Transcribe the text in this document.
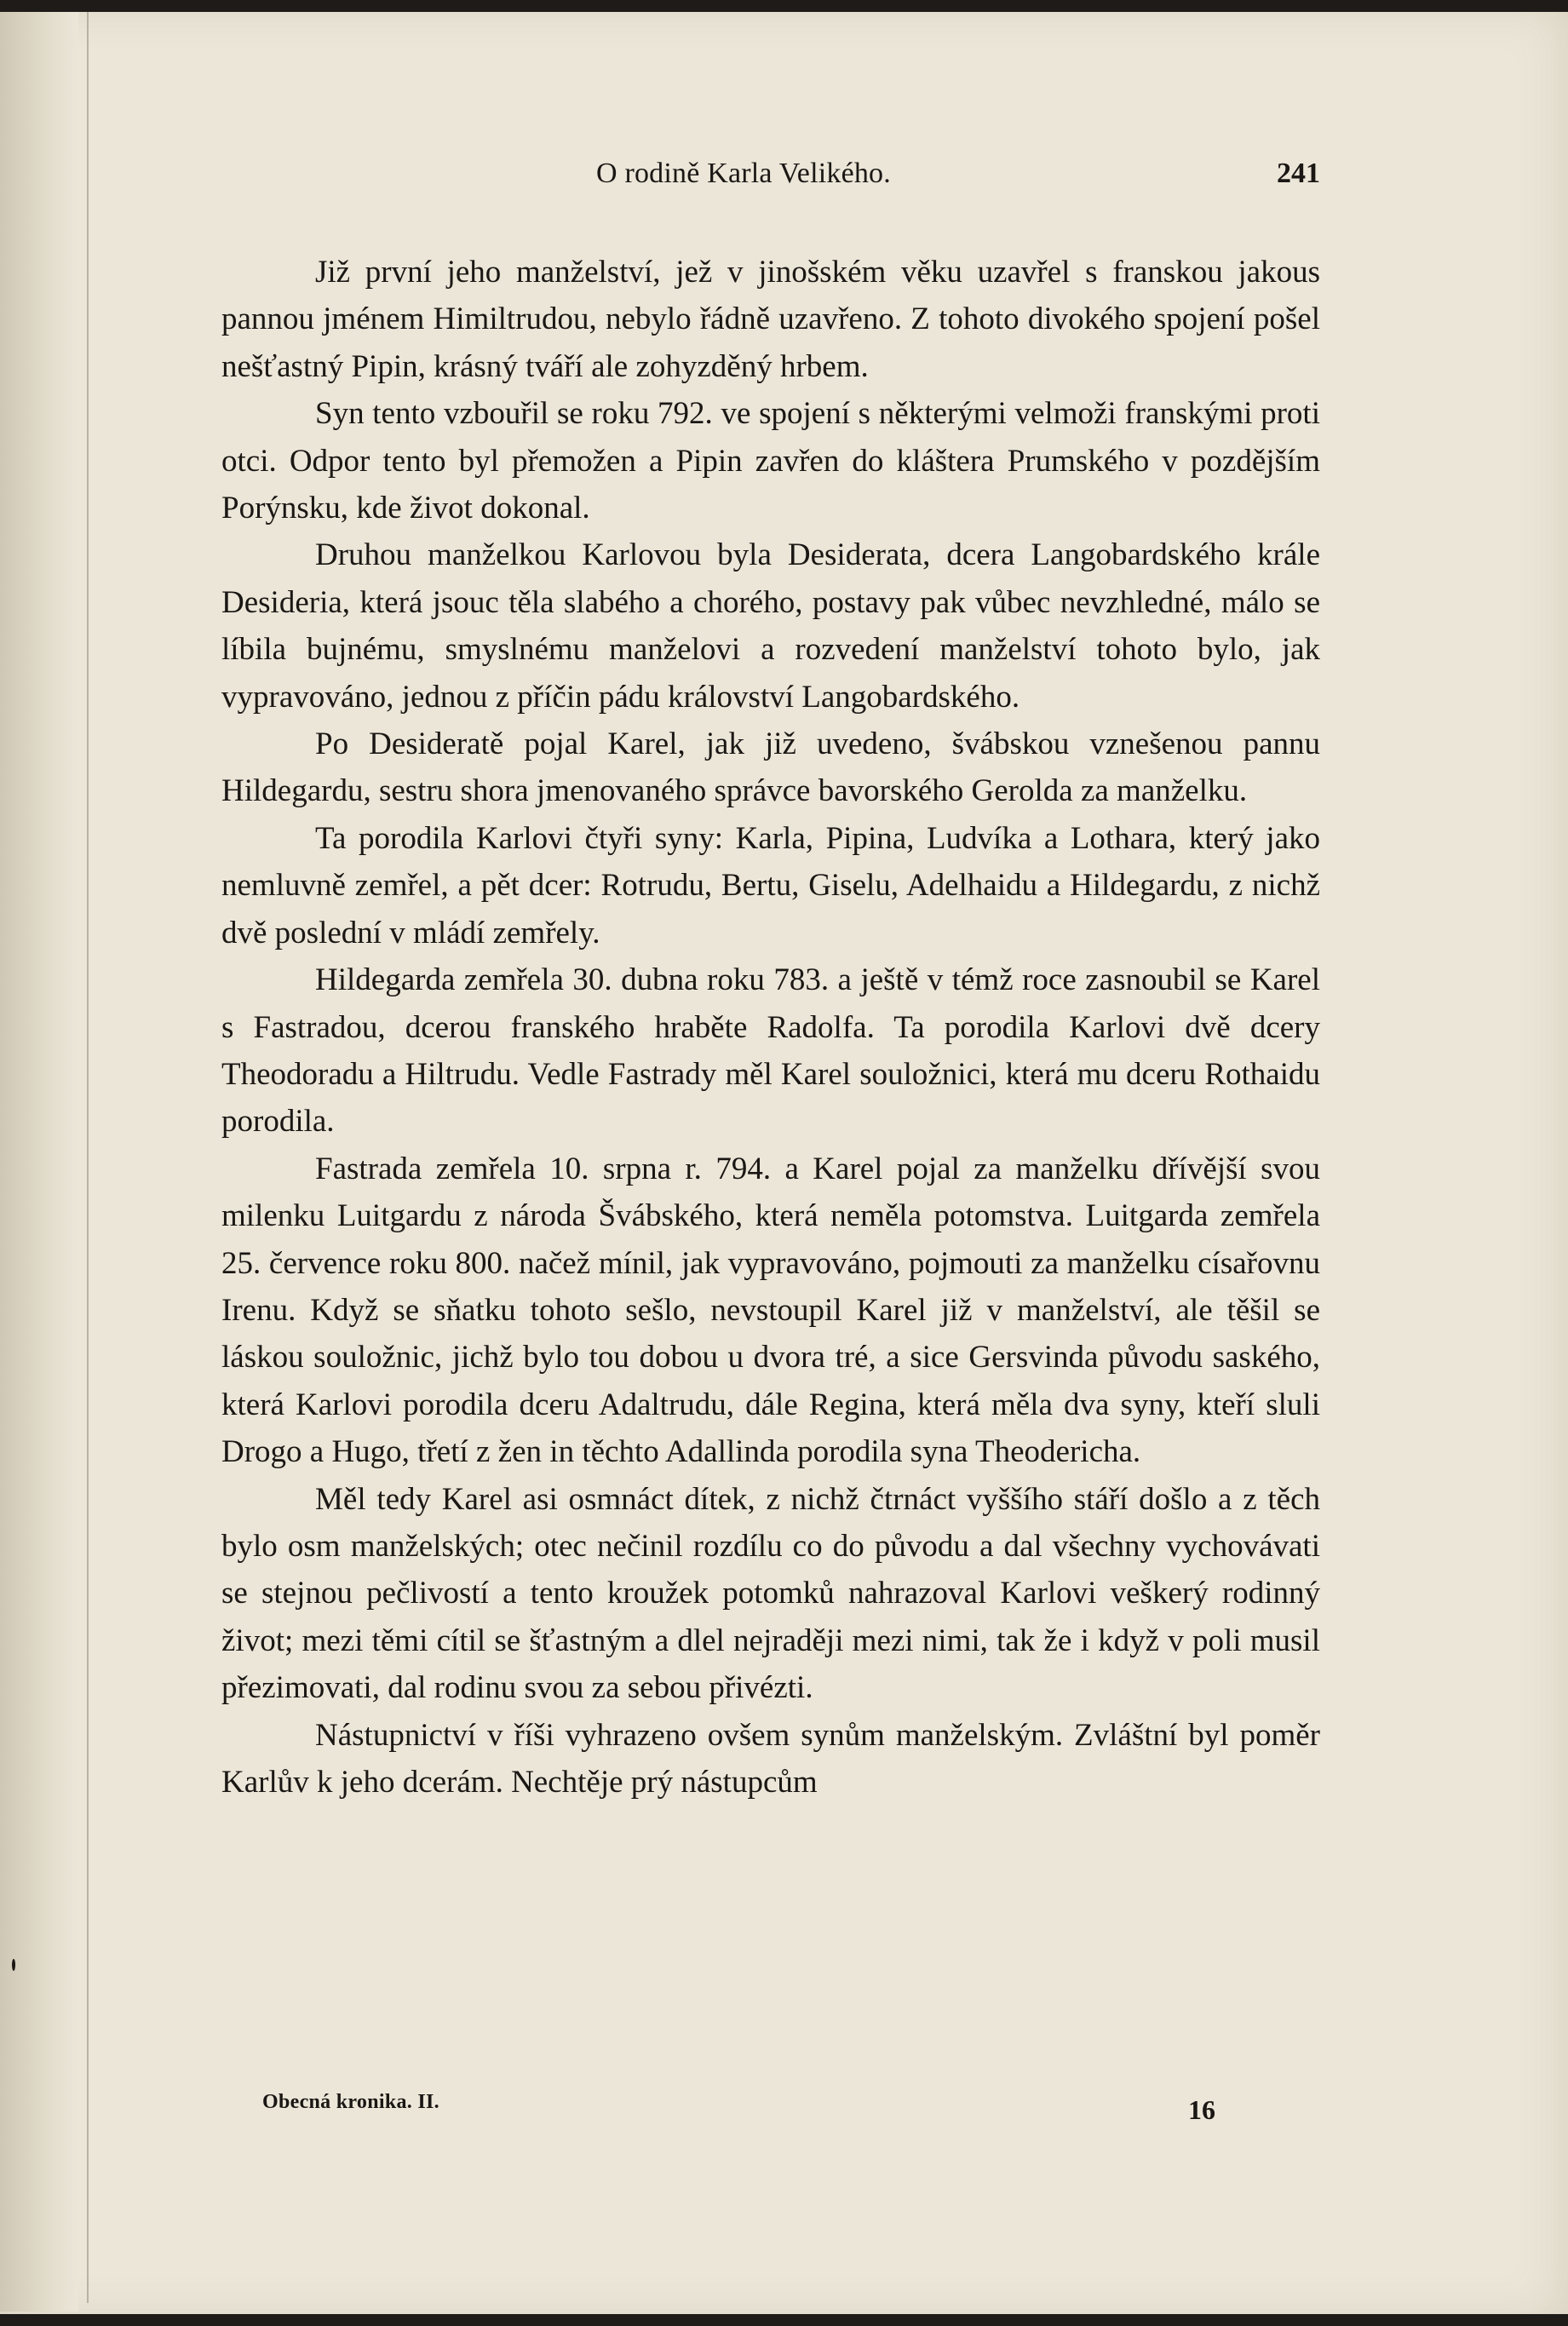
O rodině Karla Velikého.	241

Již první jeho manželství, jež v jinošském věku uzavřel s franskou jakous pannou jménem Himiltrudou, nebylo řádně uzavřeno. Z tohoto divokého spojení pošel nešťastný Pipin, krásný tváří ale zohyzděný hrbem.

Syn tento vzbouřil se roku 792. ve spojení s některými velmoži franskými proti otci. Odpor tento byl přemožen a Pipin zavřen do kláštera Prumského v pozdějším Porýnsku, kde život dokonal.

Druhou manželkou Karlovou byla Desiderata, dcera Langobardského krále Desideria, která jsouc těla slabého a chorého, postavy pak vůbec nevzhledné, málo se líbila bujnému, smyslnému manželovi a rozvedení manželství tohoto bylo, jak vypravováno, jednou z příčin pádu království Langobardského.

Po Desideratě pojal Karel, jak již uvedeno, švábskou vznešenou pannu Hildegardu, sestru shora jmenovaného správce bavorského Gerolda za manželku.

Ta porodila Karlovi čtyři syny: Karla, Pipina, Ludvíka a Lothara, který jako nemluvně zemřel, a pět dcer: Rotrudu, Bertu, Giselu, Adelhaidu a Hildegardu, z nichž dvě poslední v mládí zemřely.

Hildegarda zemřela 30. dubna roku 783. a ještě v témž roce zasnoubil se Karel s Fastradou, dcerou franského hraběte Radolfa. Ta porodila Karlovi dvě dcery Theodoradu a Hiltrudu. Vedle Fastrady měl Karel souložnici, která mu dceru Rothaidu porodila.

Fastrada zemřela 10. srpna r. 794. a Karel pojal za manželku dřívější svou milenku Luitgardu z národa Švábského, která neměla potomstva. Luitgarda zemřela 25. července roku 800. načež mínil, jak vypravováno, pojmouti za manželku císařovnu Irenu. Když se sňatku tohoto sešlo, nevstoupil Karel již v manželství, ale těšil se láskou souložnic, jichž bylo tou dobou u dvora tré, a sice Gersvinda původu saského, která Karlovi porodila dceru Adaltrudu, dále Regina, která měla dva syny, kteří sluli Drogo a Hugo, třetí z žen in těchto Adallinda porodila syna Theodericha.

Měl tedy Karel asi osmnáct dítek, z nichž čtrnáct vyššího stáří došlo a z těch bylo osm manželských; otec nečinil rozdílu co do původu a dal všechny vychovávati se stejnou pečlivostí a tento kroužek potomků nahrazoval Karlovi veškerý rodinný život; mezi těmi cítil se šťastným a dlel nejraději mezi nimi, tak že i když v poli musil přezimovati, dal rodinu svou za sebou přivézti.

Nástupnictví v říši vyhrazeno ovšem synům manželským. Zvláštní byl poměr Karlův k jeho dcerám. Nechtěje prý nástupcům

Obecná kronika. II.	16
